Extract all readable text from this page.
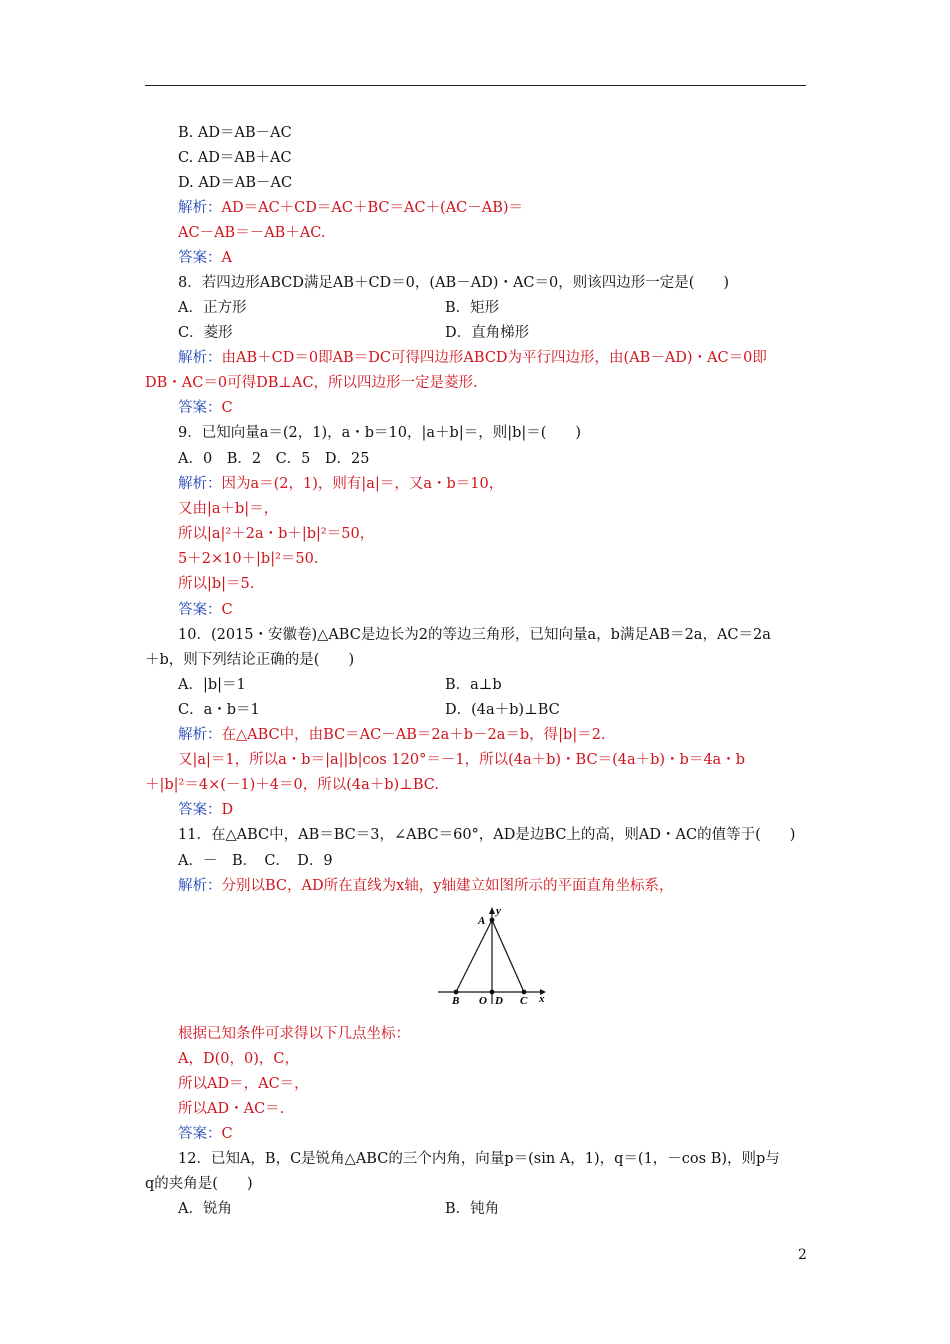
B. AD＝AB－AC
C. AD＝AB＋AC
D. AD＝AB－AC
解析：AD＝AC＋CD＝AC＋BC＝AC＋(AC－AB)＝
AC－AB＝－AB＋AC.
答案：A
8．若四边形ABCD满足AB＋CD＝0，(AB－AD)・AC＝0，则该四边形一定是(　　)
A．正方形	B．矩形
C．菱形	D．直角梯形
解析：由AB＋CD＝0即AB＝DC可得四边形ABCD为平行四边形，由(AB－AD)・AC＝0即
DB・AC＝0可得DB⊥AC，所以四边形一定是菱形.
答案：C
9．已知向量a＝(2，1)，a・b＝10，|a＋b|＝，则|b|＝(　　)
A．0　B．2　C．5　D．25
解析：因为a＝(2，1)，则有|a|＝，又a・b＝10，
又由|a＋b|＝，
所以|a|²＋2a・b＋|b|²＝50，
5＋2×10＋|b|²＝50.
所以|b|＝5.
答案：C
10．(2015・安徽卷)△ABC是边长为2的等边三角形，已知向量a，b满足AB＝2a，AC＝2a
＋b，则下列结论正确的是(　　)
A．|b|＝1	B．a⊥b
C．a・b＝1	D．(4a＋b)⊥BC
解析：在△ABC中，由BC＝AC－AB＝2a＋b－2a＝b，得|b|＝2.
又|a|＝1，所以a・b＝|a||b|cos 120°＝－1，所以(4a＋b)・BC＝(4a＋b)・b＝4a・b
＋|b|²＝4×(－1)＋4＝0，所以(4a＋b)⊥BC.
答案：D
11．在△ABC中，AB＝BC＝3，∠ABC＝60°，AD是边BC上的高，则AD・AC的值等于(　　)
A．－　B．　C．　D．9
解析：分别以BC，AD所在直线为x轴，y轴建立如图所示的平面直角坐标系，
A
y
B O D C x
根据已知条件可求得以下几点坐标：
A，D(0，0)，C，
所以AD＝，AC＝，
所以AD・AC＝.
答案：C
12．已知A，B，C是锐角△ABC的三个内角，向量p＝(sin A，1)，q＝(1，－cos B)，则p与
q的夹角是(　　)
A．锐角	B．钝角
2
